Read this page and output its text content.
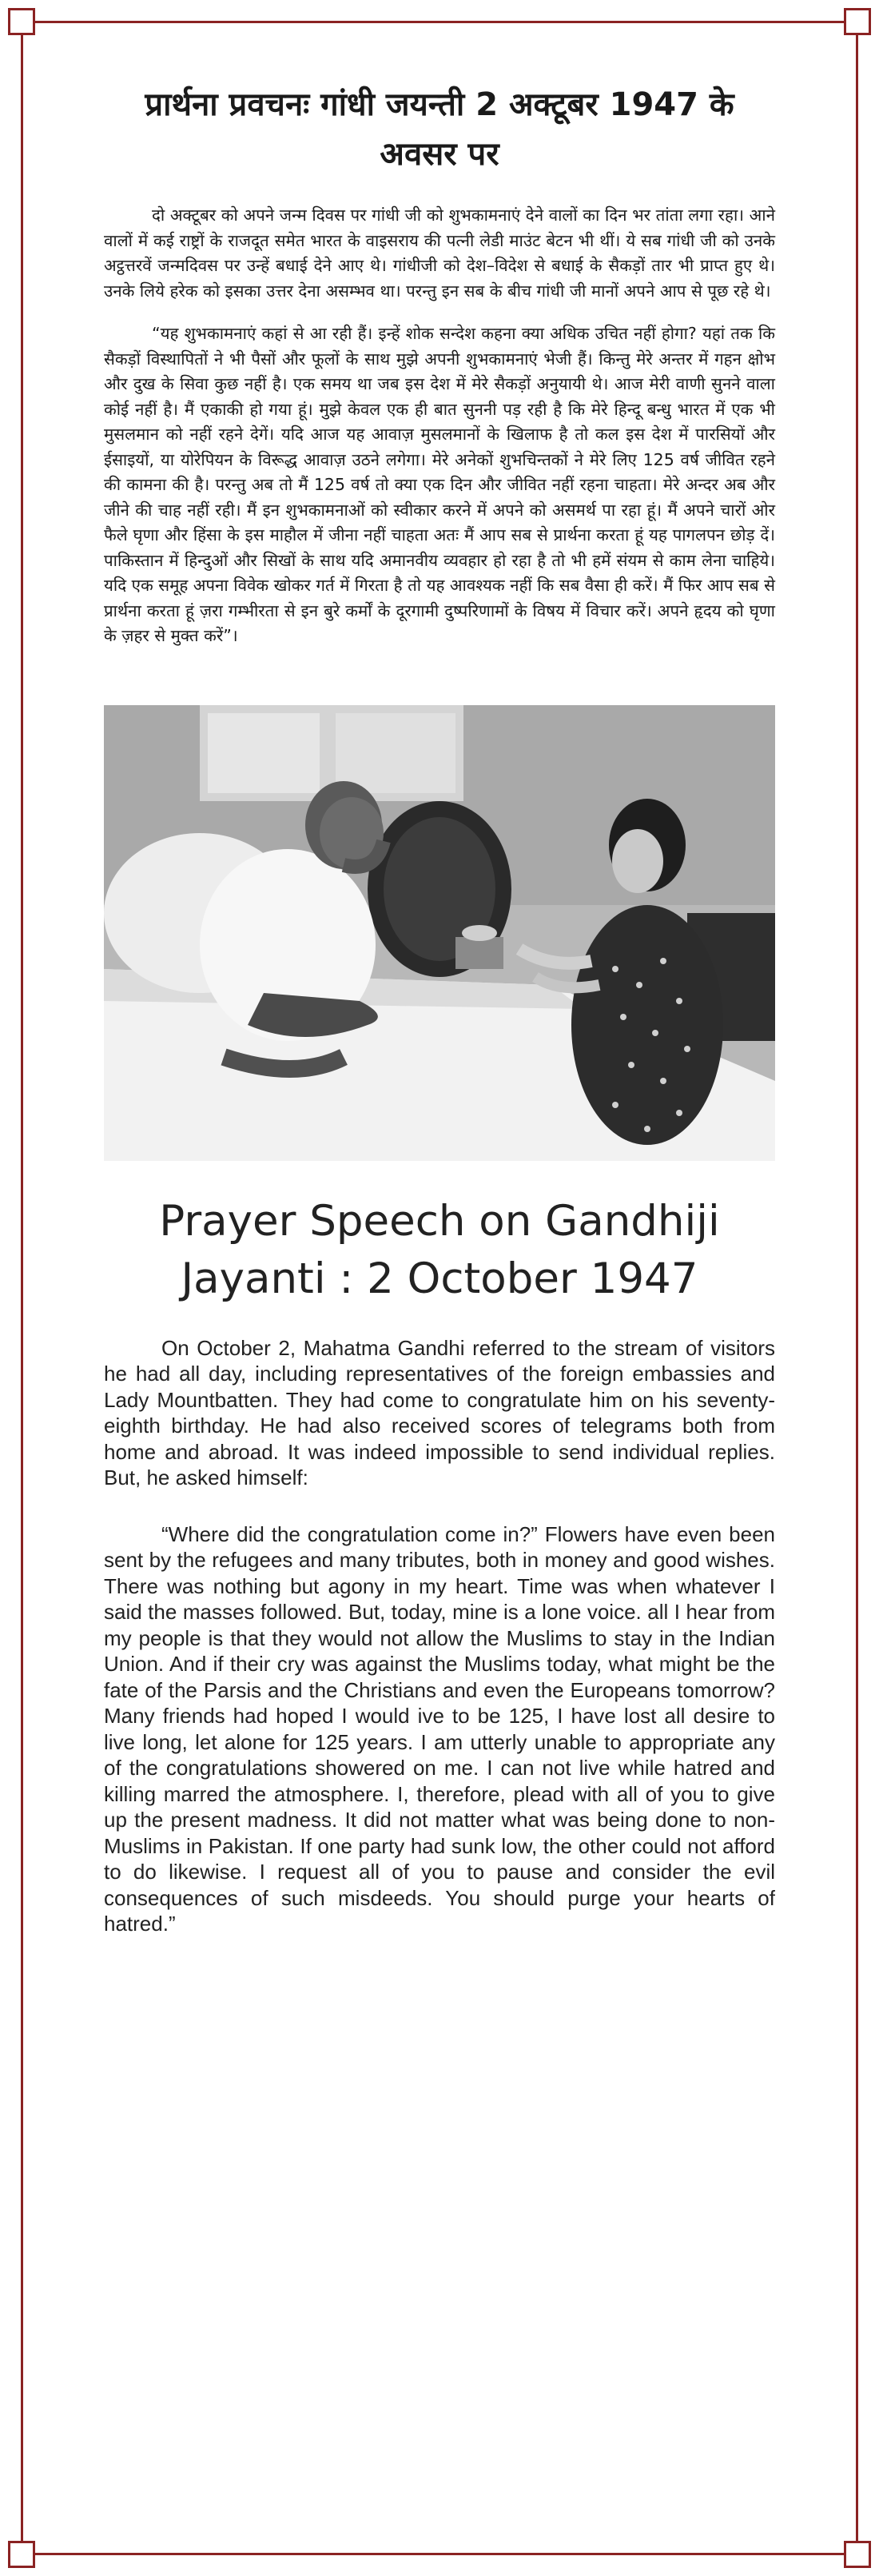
प्रार्थना प्रवचनः गांधी जयन्ती 2 अक्टूबर 1947 के अवसर पर

दो अक्टूबर को अपने जन्म दिवस पर गांधी जी को शुभकामनाएं देने वालों का दिन भर तांता लगा रहा। आने वालों में कई राष्ट्रों के राजदूत समेत भारत के वाइसराय की पत्नी लेडी माउंट बेटन भी थीं। ये सब गांधी जी को उनके अट्ठत्तरवें जन्मदिवस पर उन्हें बधाई देने आए थे। गांधीजी को देश–विदेश से बधाई के सैकड़ों तार भी प्राप्त हुए थे। उनके लिये हरेक को इसका उत्तर देना असम्भव था। परन्तु इन सब के बीच गांधी जी मानों अपने आप से पूछ रहे थे।

“यह शुभकामनाएं कहां से आ रही हैं। इन्हें शोक सन्देश कहना क्या अधिक उचित नहीं होगा? यहां तक कि सैकड़ों विस्थापितों ने भी पैसों और फूलों के साथ मुझे अपनी शुभकामनाएं भेजी हैं। किन्तु मेरे अन्तर में गहन क्षोभ और दुख के सिवा कुछ नहीं है। एक समय था जब इस देश में मेरे सैकड़ों अनुयायी थे। आज मेरी वाणी सुनने वाला कोई नहीं है। मैं एकाकी हो गया हूं। मुझे केवल एक ही बात सुननी पड़ रही है कि मेरे हिन्दू बन्धु भारत में एक भी मुसलमान को नहीं रहने देगें। यदि आज यह आवाज़ मुसलमानों के खिलाफ है तो कल इस देश में पारसियों और ईसाइयों, या योरेपियन के विरूद्ध आवाज़ उठने लगेगा। मेरे अनेकों शुभचिन्तकों ने मेरे लिए 125 वर्ष जीवित रहने की कामना की है। परन्तु अब तो मैं 125 वर्ष तो क्या एक दिन और जीवित नहीं रहना चाहता। मेरे अन्दर अब और जीने की चाह नहीं रही। मैं इन शुभकामनाओं को स्वीकार करने में अपने को असमर्थ पा रहा हूं। मैं अपने चारों ओर फैले घृणा और हिंसा के इस माहौल में जीना नहीं चाहता अतः मैं आप सब से प्रार्थना करता हूं यह पागलपन छोड़ दें। पाकिस्तान में हिन्दुओं और सिखों के साथ यदि अमानवीय व्यवहार हो रहा है तो भी हमें संयम से काम लेना चाहिये। यदि एक समूह अपना विवेक खोकर गर्त में गिरता है तो यह आवश्यक नहीं कि सब वैसा ही करें। मैं फिर आप सब से प्रार्थना करता हूं ज़रा गम्भीरता से इन बुरे कर्मों के दूरगामी दुष्परिणामों के विषय में विचार करें। अपने हृदय को घृणा के ज़हर से मुक्त करें”।

Prayer Speech on Gandhiji Jayanti : 2 October 1947

On October 2, Mahatma Gandhi referred to the stream of visitors he had all day, including representatives of the foreign embassies and Lady Mountbatten. They had come to congratulate him on his seventy-eighth birthday. He had also received scores of telegrams both from home and abroad. It was indeed impossible to send individual replies. But, he asked himself:

“Where did the congratulation come in?” Flowers have even been sent by the refugees and many tributes, both in money and good wishes. There was nothing but agony in my heart. Time was when whatever I said the masses followed. But, today, mine is a lone voice. all I hear from my people is that they would not allow the Muslims to stay in the Indian Union. And if their cry was against the Muslims today, what might be the fate of the Parsis and the Christians and even the Europeans tomorrow? Many friends had hoped I would ive to be 125, I have lost all desire to live long, let alone for 125 years. I am utterly unable to appropriate any of the congratulations showered on me. I can not live while hatred and killing marred the atmosphere. I, therefore, plead with all of you to give up the present madness. It did not matter what was being done to non-Muslims in Pakistan. If one party had sunk low, the other could not afford to do likewise. I request all of you to pause and consider the evil consequences of such misdeeds. You should purge your hearts of hatred.”
